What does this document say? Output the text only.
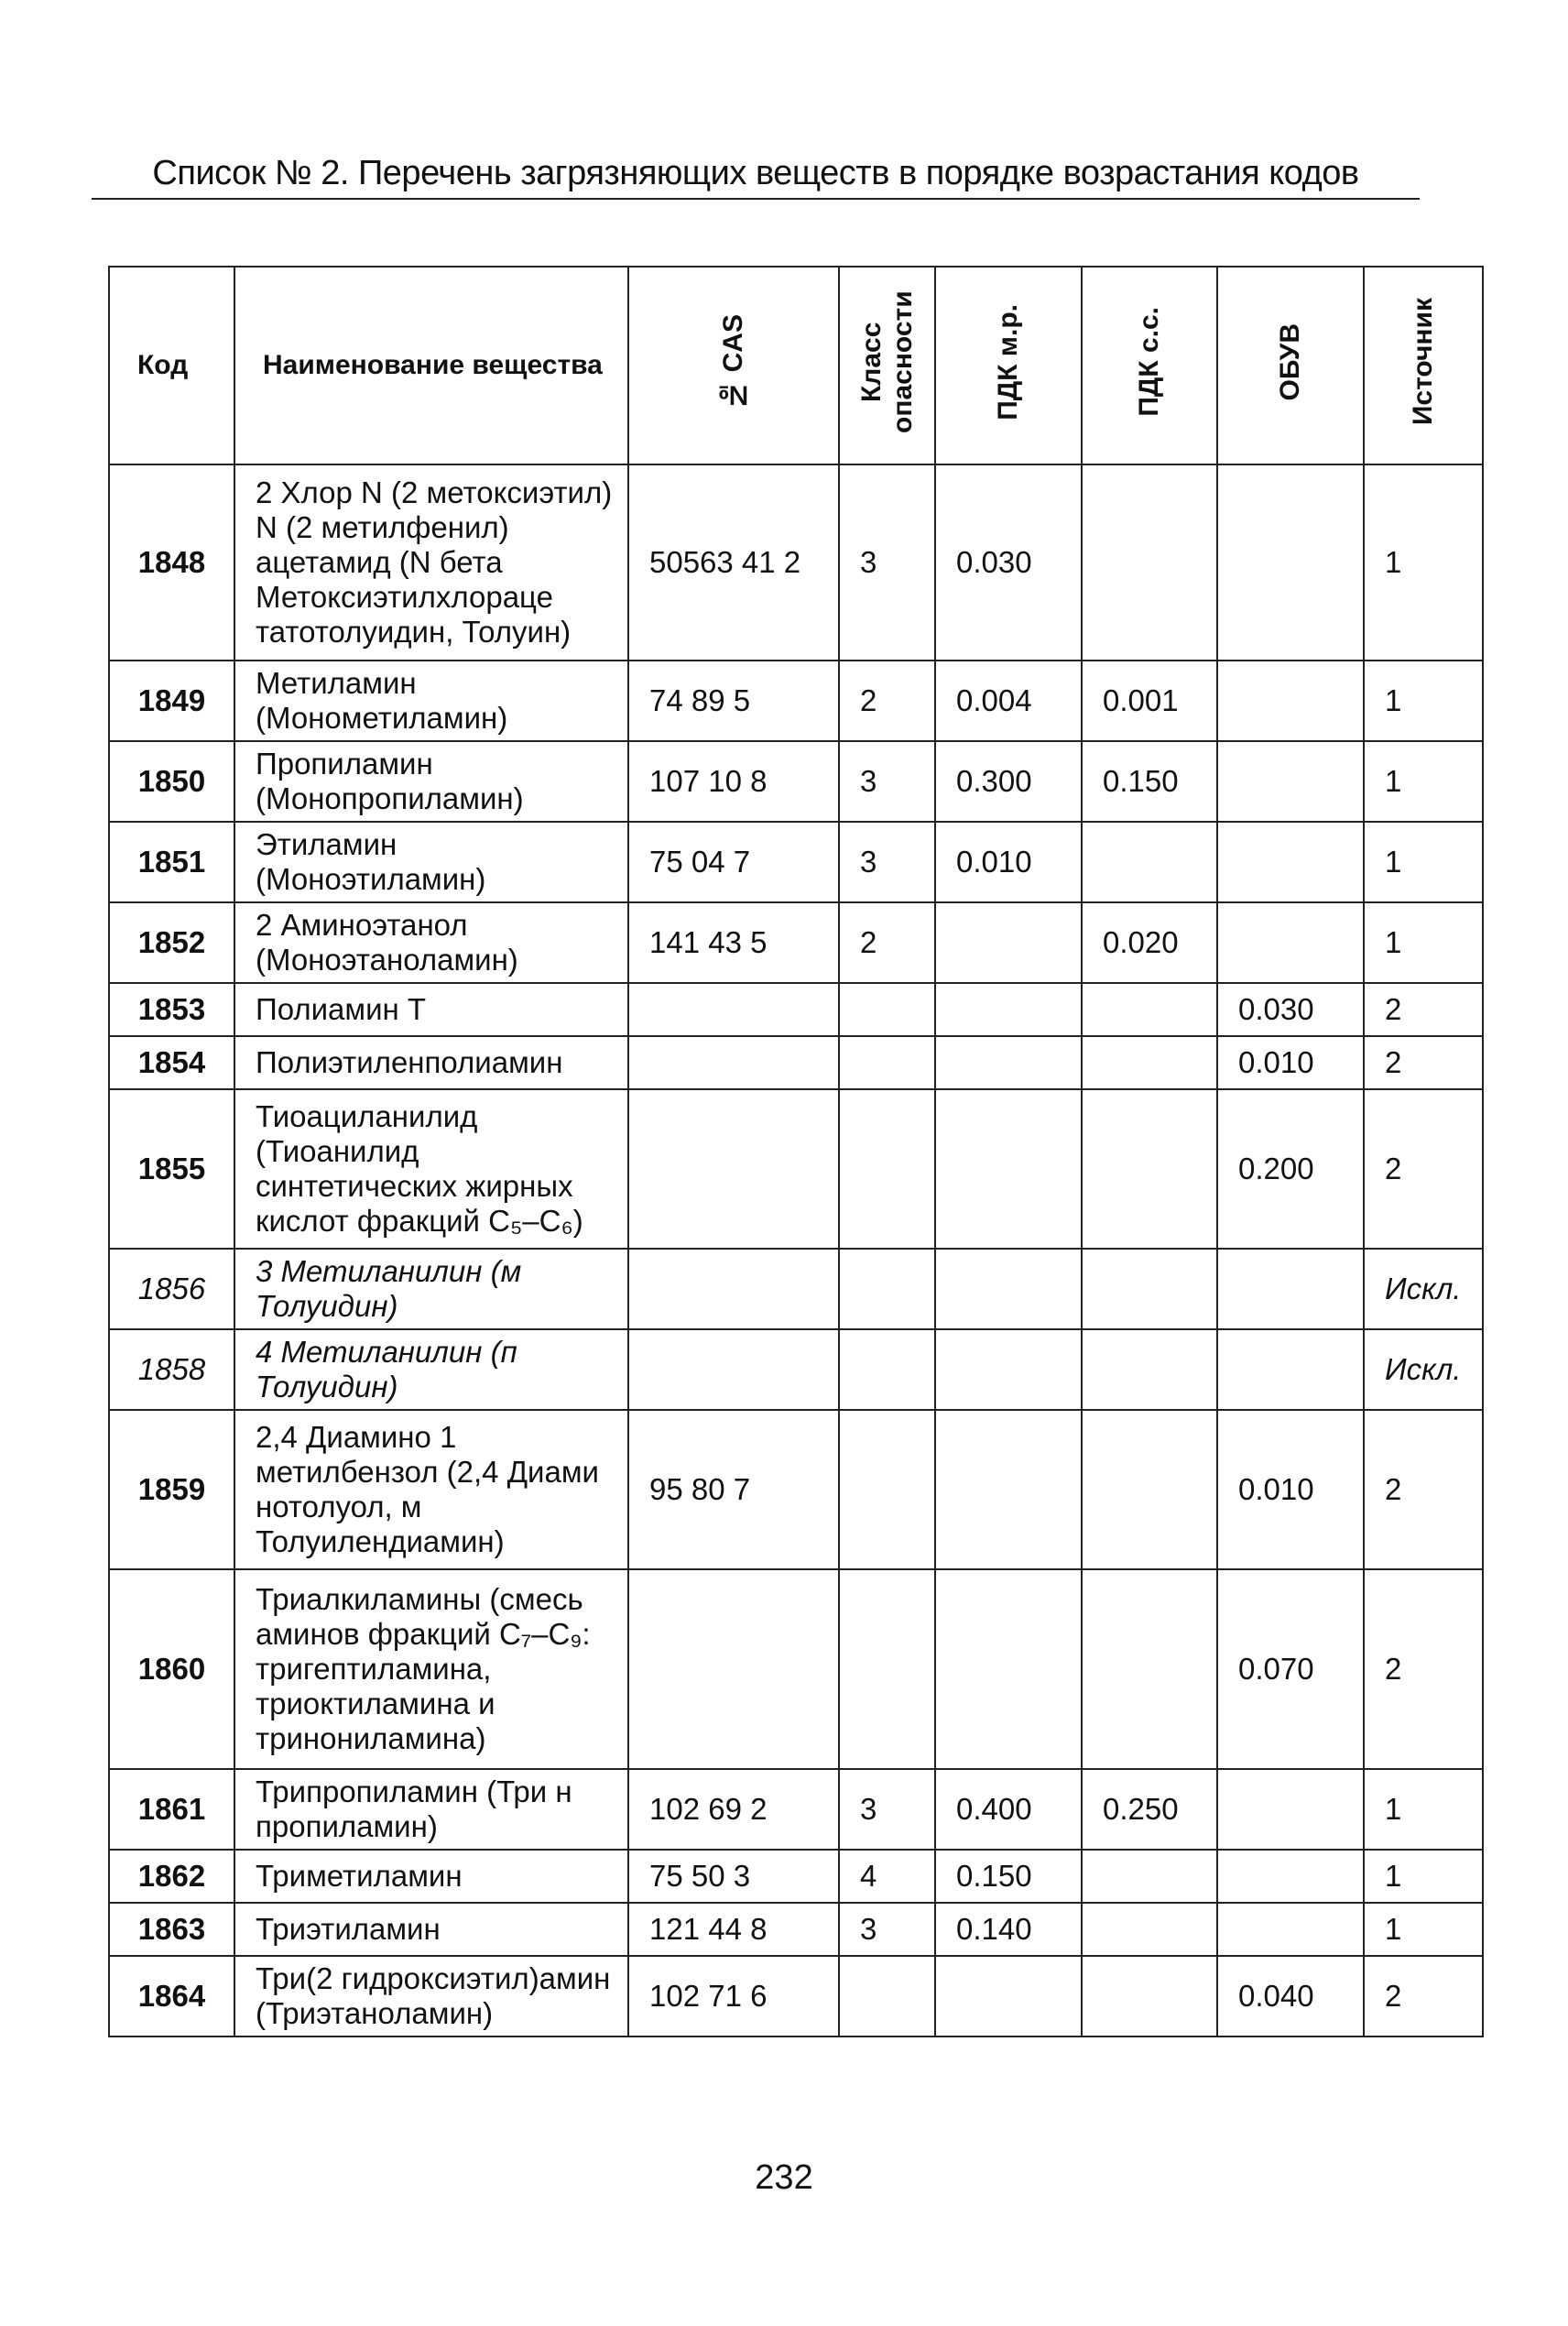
Список № 2. Перечень загрязняющих веществ в порядке возрастания кодов
Код	Наименование вещества	№ CAS	Класс опасности	ПДК м.р.	ПДК с.с.	ОБУВ	Источник
1848	2 Хлор N (2 метоксиэтил) N (2 метилфенил) ацетамид (N бета Метоксиэтилхлораце татотолуидин, Толуин)	50563 41 2	3	0.030			1
1849	Метиламин (Монометиламин)	74 89 5	2	0.004	0.001		1
1850	Пропиламин (Монопропиламин)	107 10 8	3	0.300	0.150		1
1851	Этиламин (Моноэтиламин)	75 04 7	3	0.010			1
1852	2 Аминоэтанол (Моноэтаноламин)	141 43 5	2		0.020		1
1853	Полиамин Т					0.030	2
1854	Полиэтиленполиамин					0.010	2
1855	Тиоациланилид (Тиоанилид синтетических жирных кислот фракций C₅–C₆)					0.200	2
1856	3 Метиланилин (м Толуидин)						Искл.
1858	4 Метиланилин (п Толуидин)						Искл.
1859	2,4 Диамино 1 метилбензол (2,4 Диами нотолуол, м Толуилендиамин)	95 80 7				0.010	2
1860	Триалкиламины (смесь аминов фракций C₇–C₉: тригептиламина, триоктиламина и тринониламина)					0.070	2
1861	Трипропиламин (Три н пропиламин)	102 69 2	3	0.400	0.250		1
1862	Триметиламин	75 50 3	4	0.150			1
1863	Триэтиламин	121 44 8	3	0.140			1
1864	Три(2 гидроксиэтил)амин (Триэтаноламин)	102 71 6				0.040	2
232
